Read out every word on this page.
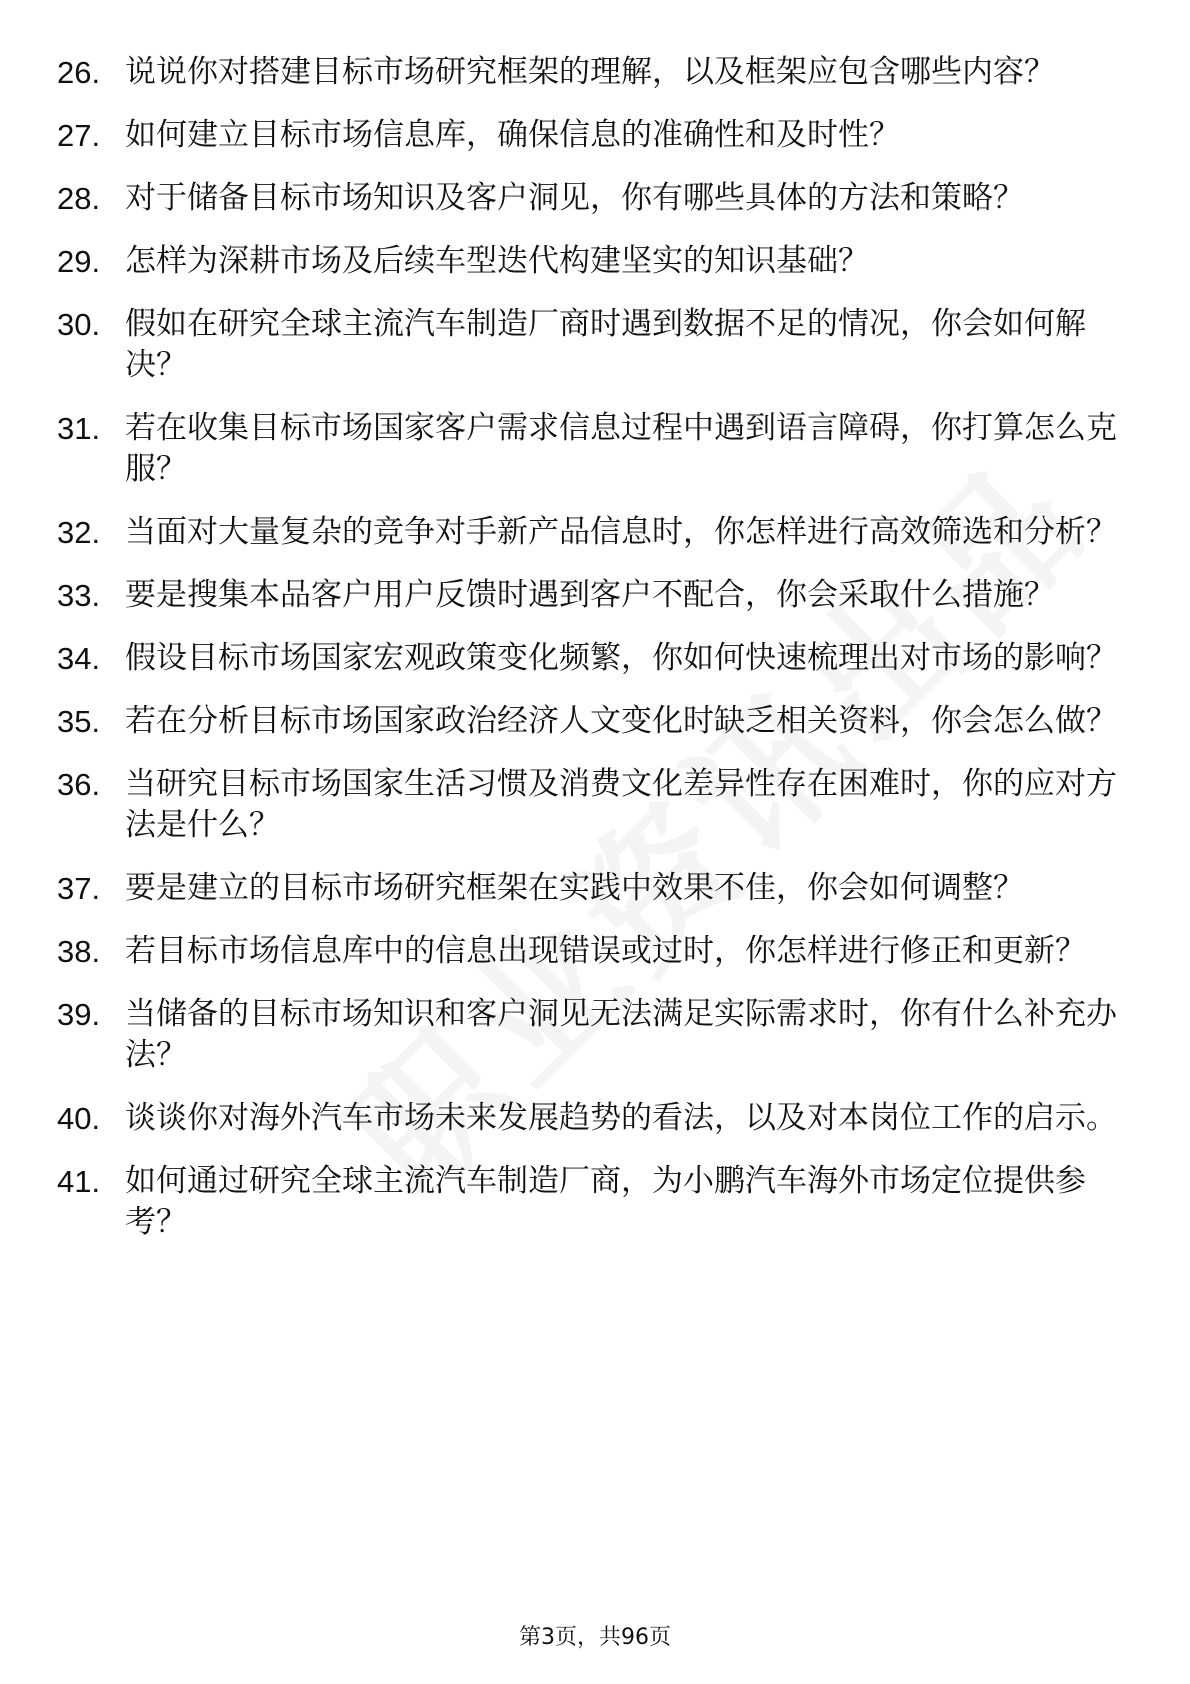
26. 说说你对搭建目标市场研究框架的理解，以及框架应包含哪些内容？
27. 如何建立目标市场信息库，确保信息的准确性和及时性？
28. 对于储备目标市场知识及客户洞见，你有哪些具体的方法和策略？
29. 怎样为深耕市场及后续车型迭代构建坚实的知识基础？
30. 假如在研究全球主流汽车制造厂商时遇到数据不足的情况，你会如何解决？
31. 若在收集目标市场国家客户需求信息过程中遇到语言障碍，你打算怎么克服？
32. 当面对大量复杂的竞争对手新产品信息时，你怎样进行高效筛选和分析？
33. 要是搜集本品客户用户反馈时遇到客户不配合，你会采取什么措施？
34. 假设目标市场国家宏观政策变化频繁，你如何快速梳理出对市场的影响？
35. 若在分析目标市场国家政治经济人文变化时缺乏相关资料，你会怎么做？
36. 当研究目标市场国家生活习惯及消费文化差异性存在困难时，你的应对方法是什么？
37. 要是建立的目标市场研究框架在实践中效果不佳，你会如何调整？
38. 若目标市场信息库中的信息出现错误或过时，你怎样进行修正和更新？
39. 当储备的目标市场知识和客户洞见无法满足实际需求时，你有什么补充办法？
40. 谈谈你对海外汽车市场未来发展趋势的看法，以及对本岗位工作的启示。
41. 如何通过研究全球主流汽车制造厂商，为小鹏汽车海外市场定位提供参考？
第3页，共96页
